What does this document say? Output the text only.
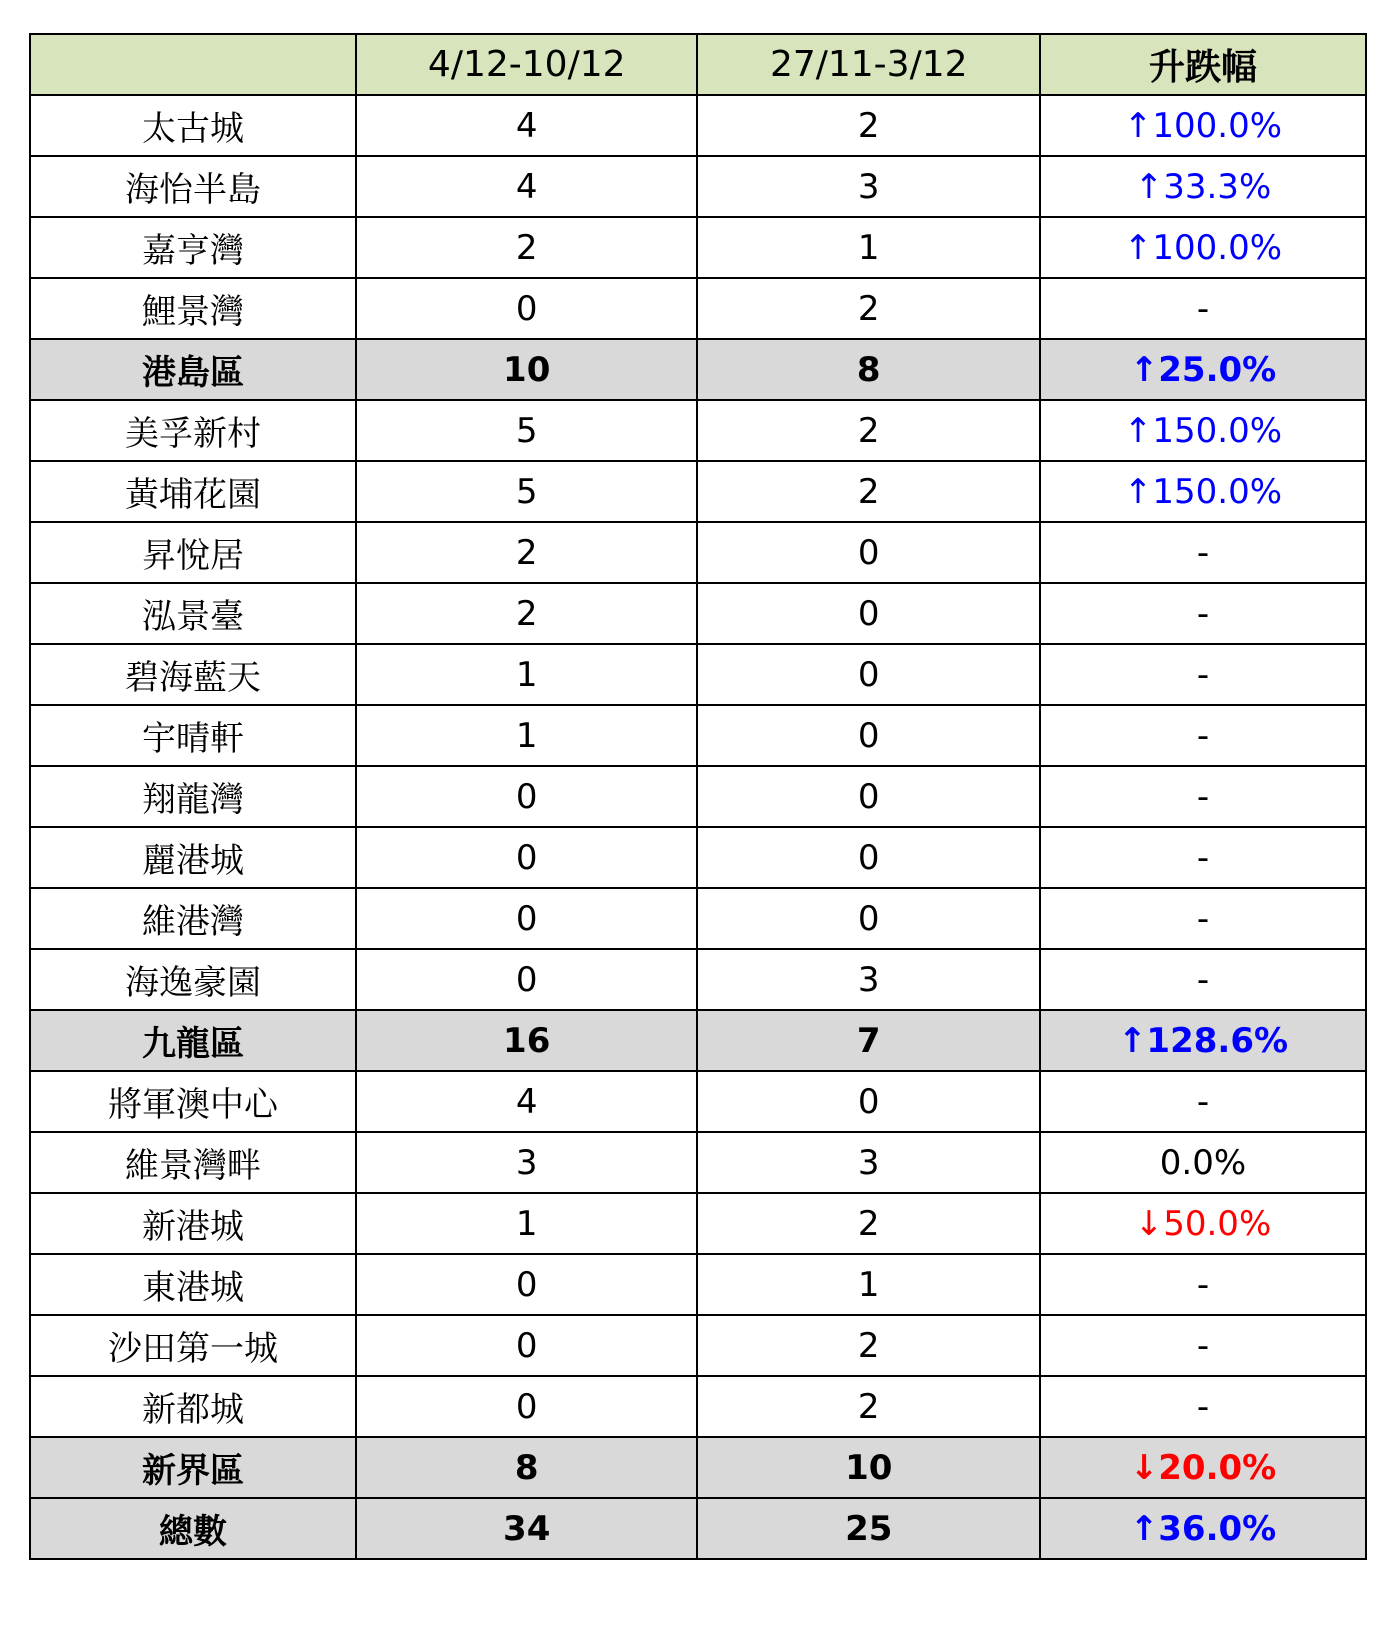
	4/12-10/12	27/11-3/12	升跌幅
太古城	4	2	↑100.0%
海怡半島	4	3	↑33.3%
嘉亨灣	2	1	↑100.0%
鯉景灣	0	2	-
港島區	10	8	↑25.0%
美孚新村	5	2	↑150.0%
黃埔花園	5	2	↑150.0%
昇悅居	2	0	-
泓景臺	2	0	-
碧海藍天	1	0	-
宇晴軒	1	0	-
翔龍灣	0	0	-
麗港城	0	0	-
維港灣	0	0	-
海逸豪園	0	3	-
九龍區	16	7	↑128.6%
將軍澳中心	4	0	-
維景灣畔	3	3	0.0%
新港城	1	2	↓50.0%
東港城	0	1	-
沙田第一城	0	2	-
新都城	0	2	-
新界區	8	10	↓20.0%
總數	34	25	↑36.0%
